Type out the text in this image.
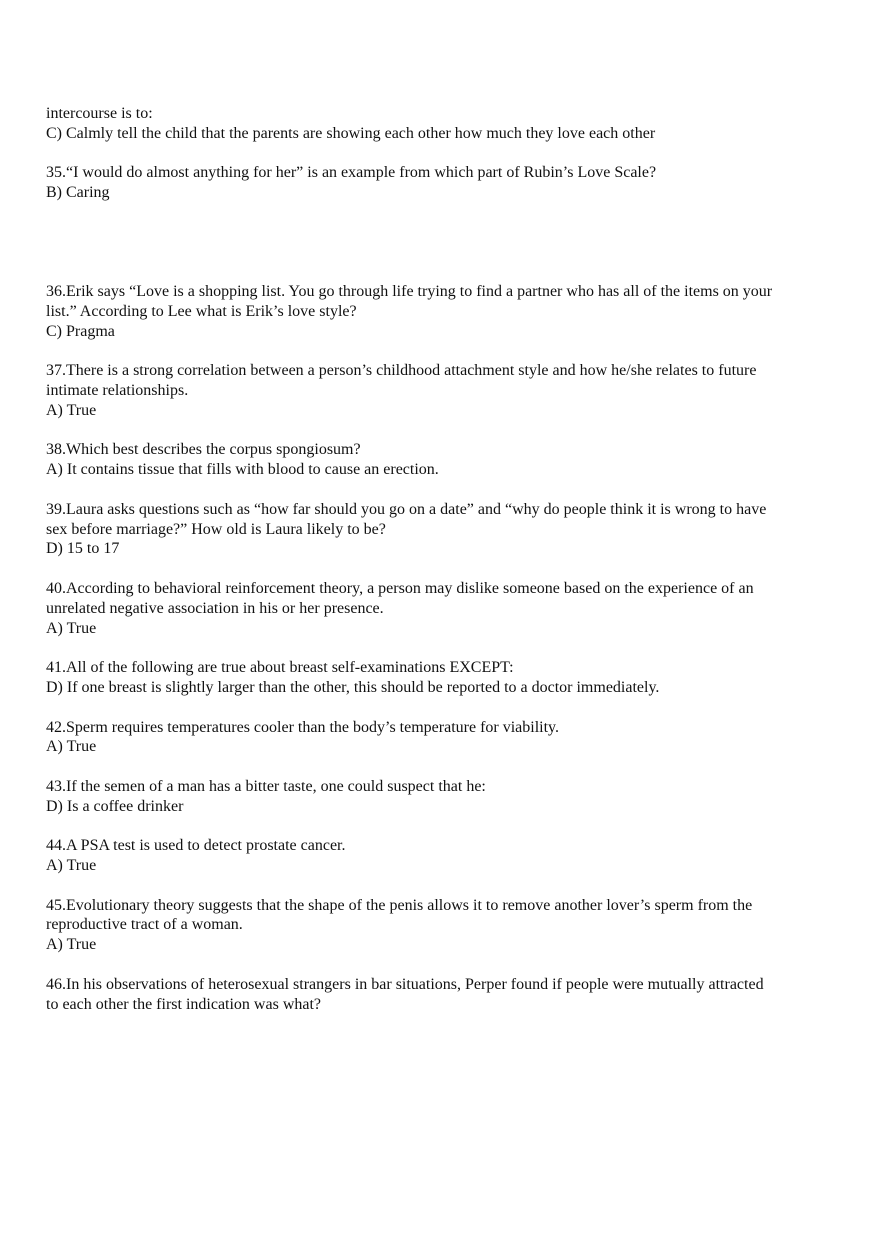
intercourse is to:
C) Calmly tell the child that the parents are showing each other how much they love each other
35.“I would do almost anything for her” is an example from which part of Rubin’s Love Scale?
B) Caring
36.Erik says “Love is a shopping list. You go through life trying to find a partner who has all of the items on your
list.” According to Lee what is Erik’s love style?
C) Pragma
37.There is a strong correlation between a person’s childhood attachment style and how he/she relates to future
intimate relationships.
A) True
38.Which best describes the corpus spongiosum?
A) It contains tissue that fills with blood to cause an erection.
39.Laura asks questions such as “how far should you go on a date” and “why do people think it is wrong to have
sex before marriage?” How old is Laura likely to be?
D) 15 to 17
40.According to behavioral reinforcement theory, a person may dislike someone based on the experience of an
unrelated negative association in his or her presence.
A) True
41.All of the following are true about breast self-examinations EXCEPT:
D) If one breast is slightly larger than the other, this should be reported to a doctor immediately.
42.Sperm requires temperatures cooler than the body’s temperature for viability.
A) True
43.If the semen of a man has a bitter taste, one could suspect that he:
D) Is a coffee drinker
44.A PSA test is used to detect prostate cancer.
A) True
45.Evolutionary theory suggests that the shape of the penis allows it to remove another lover’s sperm from the
reproductive tract of a woman.
A) True
46.In his observations of heterosexual strangers in bar situations, Perper found if people were mutually attracted
to each other the first indication was what?
